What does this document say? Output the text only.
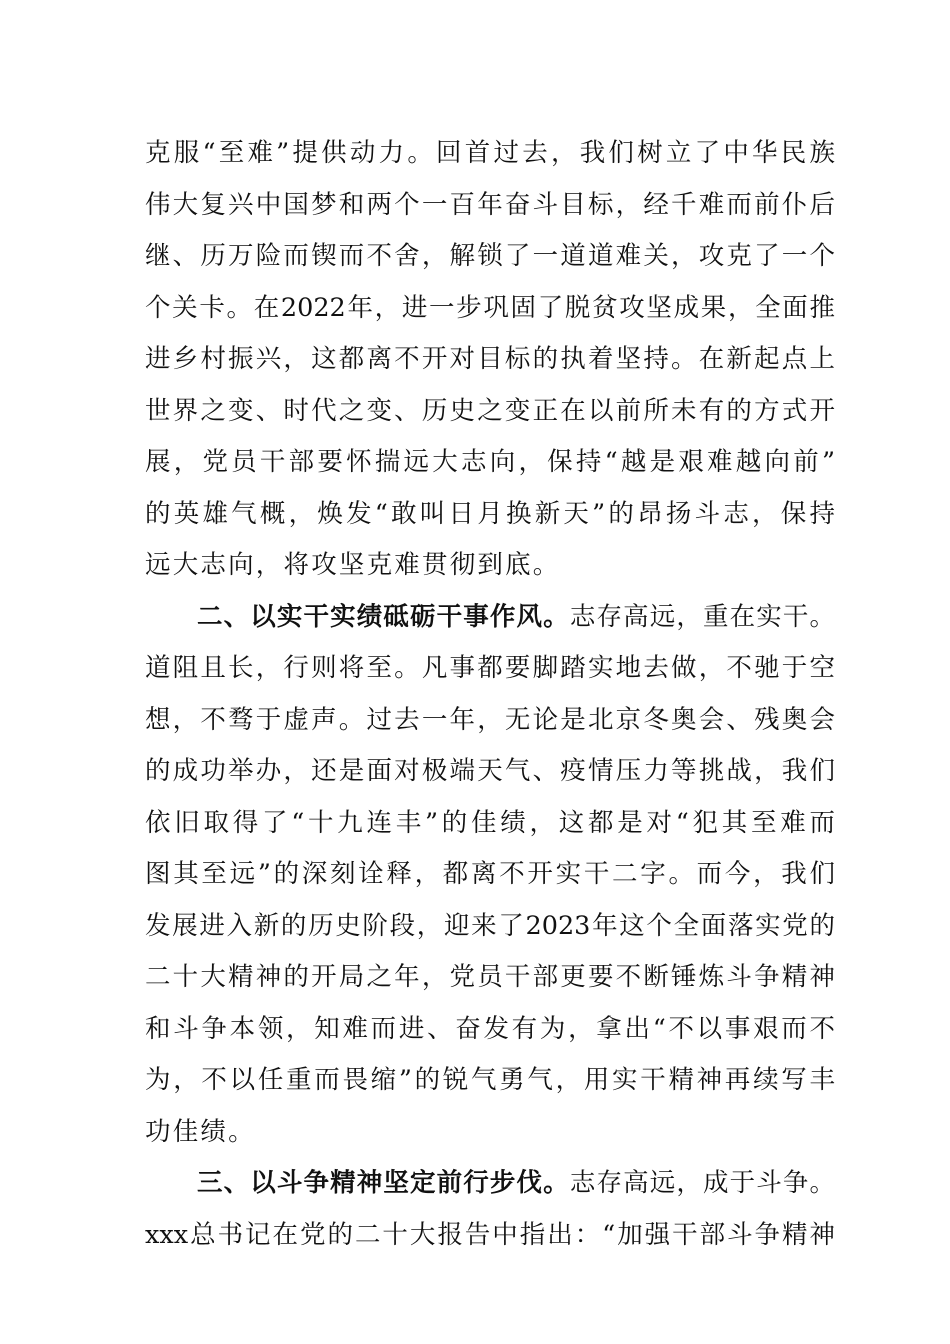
克服“至难”提供动力。回首过去，我们树立了中华民族
伟大复兴中国梦和两个一百年奋斗目标，经千难而前仆后
继、历万险而锲而不舍，解锁了一道道难关，攻克了一个
个关卡。在2022年，进一步巩固了脱贫攻坚成果，全面推
进乡村振兴，这都离不开对目标的执着坚持。在新起点上
世界之变、时代之变、历史之变正在以前所未有的方式开
展，党员干部要怀揣远大志向，保持“越是艰难越向前”
的英雄气概，焕发“敢叫日月换新天”的昂扬斗志，保持
远大志向，将攻坚克难贯彻到底。
二、以实干实绩砥砺干事作风。志存高远，重在实干。
道阻且长，行则将至。凡事都要脚踏实地去做，不驰于空
想，不骛于虚声。过去一年，无论是北京冬奥会、残奥会
的成功举办，还是面对极端天气、疫情压力等挑战，我们
依旧取得了“十九连丰”的佳绩，这都是对“犯其至难而
图其至远”的深刻诠释，都离不开实干二字。而今，我们
发展进入新的历史阶段，迎来了2023年这个全面落实党的
二十大精神的开局之年，党员干部更要不断锤炼斗争精神
和斗争本领，知难而进、奋发有为，拿出“不以事艰而不
为，不以任重而畏缩”的锐气勇气，用实干精神再续写丰
功佳绩。
三、以斗争精神坚定前行步伐。志存高远，成于斗争。
xxx总书记在党的二十大报告中指出：“加强干部斗争精神
